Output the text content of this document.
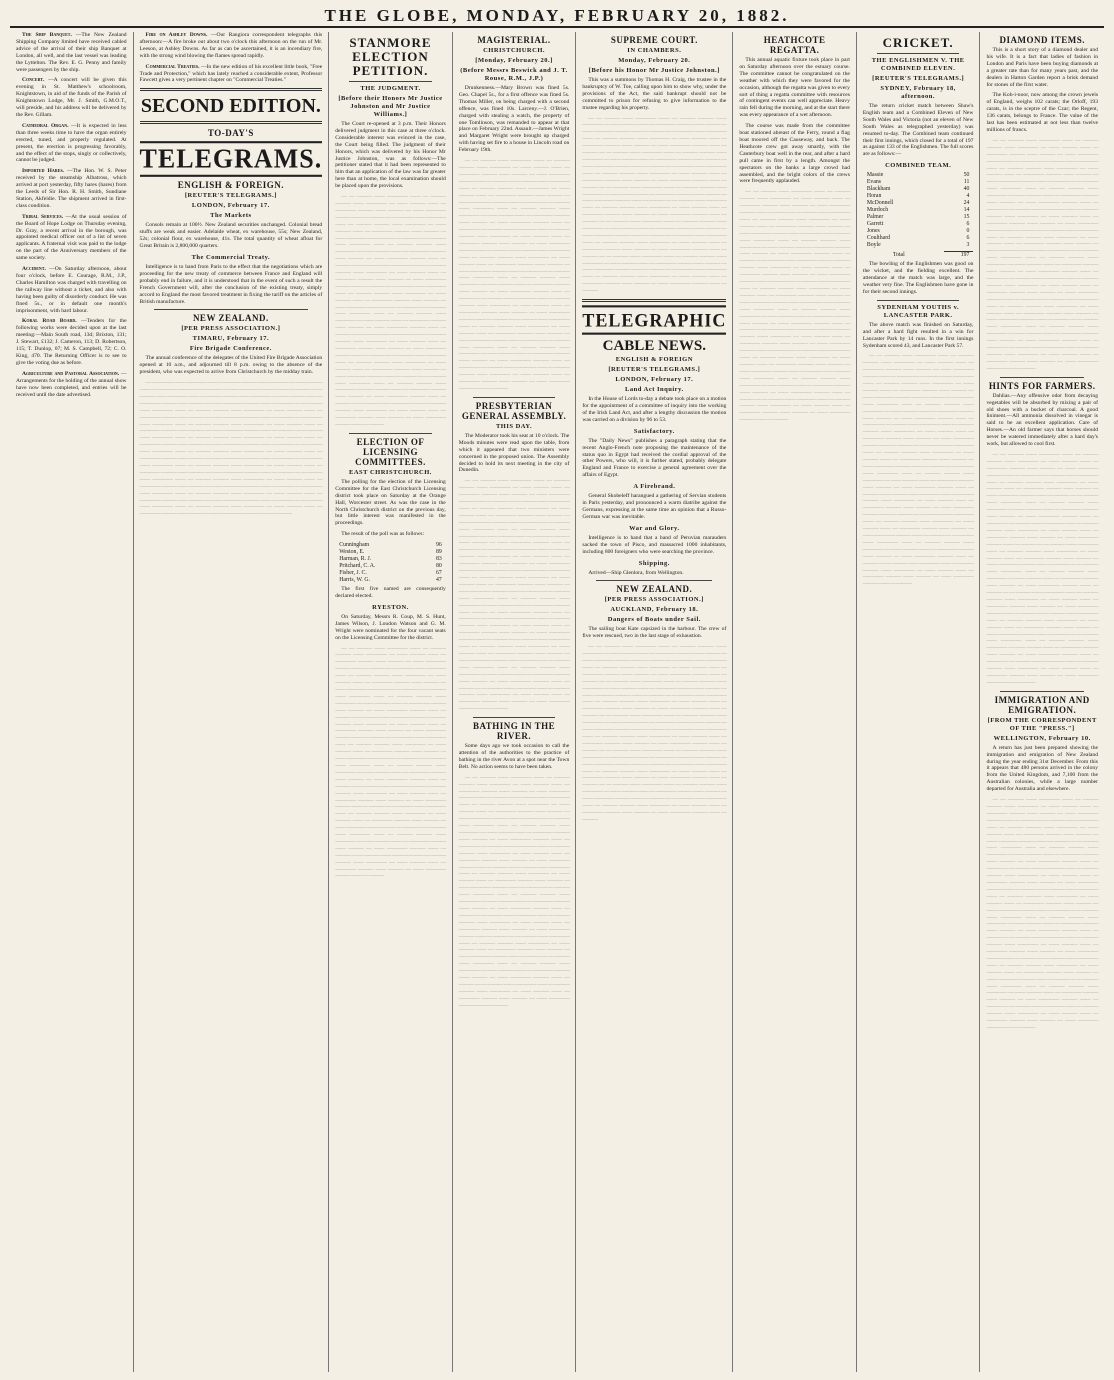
THE GLOBE, MONDAY, FEBRUARY 20, 1882.

The Ship Banquet. —The New Zealand Shipping Company limited have received cabled advice of the arrival of their ship Banquet at London, all well, and the last vessel was leading the Lyttelton. The Rev. E. G. Penny and family were passengers by the ship.

Concert. —A concert will be given this evening in St. Matthew's schoolroom, Knightstown, in aid of the funds of the Parish of Knightstown Lodge, Mr. J. Smith, G.M.O.T., will preside, and his address will be delivered by the Rev. Gillam.

Cathedral Organ. —It is expected in less than three weeks time to have the organ entirely erected, tuned, and properly regulated. At present, the erection is progressing favorably, and the effect of the stops, singly or collectively, cannot be judged.

Imported Hares. —The Hon. W. S. Peter received by the steamship Albatross, which arrived at port yesterday, fifty hares (hares) from the Leeds of Sir Hon. R. H. Smith, Sundiane Station, Akfeldie. The shipment arrived in first-class condition.

Tribal Services. —At the usual session of the Board of Hope Lodge on Thursday evening, Dr. Gray, a recent arrival in the borough, was appointed medical officer out of a list of seven applicants. A fraternal visit was paid to the lodge on the part of the Anniversary members of the same society.

Accident. —On Saturday afternoon, about four o'clock, before E. Courage, R.M., J.P., Charles Hamilton was charged with travelling on the railway line without a ticket, and also with having been guilty of disorderly conduct. He was fined 5s., or in default one month's imprisonment, with hard labour.

Koral Road Board. —Tenders for the following works were decided upon at the last meeting:—Main South road, 13d; Brixton, 131; J. Stewart, £132; J. Cameron, 113; D. Robertson, 115; T. Dunlop, 07; M. S. Campbell, 72; C. O. King, 470. The Returning Officer is to see to give the voting due as before.

Agriculture and Pastoral Association. —Arrangements for the holding of the annual show have now been completed, and entries will be received until the date advertised.

Fire on Ashley Downs. —Our Rangiora correspondent telegraphs this afternoon:—A fire broke out about two o'clock this afternoon on the run of Mr. Leeson, at Ashley Downs. As far as can be ascertained, it is an incendiary fire, with the strong wind blowing the flames spread rapidly.

Commercial Treaties. —In the new edition of his excellent little book, "Free Trade and Protection," which has lately reached a considerable extent, Professor Fawcett gives a very pertinent chapter on "Commercial Treaties."

SECOND EDITION.
TO-DAY'S
TELEGRAMS.
ENGLISH & FOREIGN.
[REUTER'S TELEGRAMS.]
LONDON, February 17.
The Markets

Consols remain at 100½. New Zealand securities unchanged. Colonial bread stuffs are weak and easier. Adelaide wheat, ex warehouse, 55s; New Zealand, 52s; colonial flour, ex warehouse, 41s. The total quantity of wheat afloat for Great Britain is 2,800,000 quarters.

The Commercial Treaty.

Intelligence is to hand from Paris to the effect that the negotiations which are proceeding for the new treaty of commerce between France and England will probably end in failure, and it is understood that in the event of such a result the French Government will, after the conclusion of the existing treaty, simply accord to England the most favored treatment in fixing the tariff on the articles of British manufacture.

NEW ZEALAND.
[PER PRESS ASSOCIATION.]
TIMARU, February 17.
Fire Brigade Conference.

The annual conference of the delegates of the United Fire Brigade Association opened at 10 a.m., and adjourned till 8 p.m. owing to the absence of the president, who was expected to arrive from Christchurch by the midday train.

— — ——— —— ———— —— — ——— ——— —— ———— — —— ——— —— — ———— ——— —— ——— — —— ———— ——— —— — ——— — — ——— —— ———— —— — ——— ——— —— ———— — —— ——— —— — ———— ——— —— ——— — —— ———— ——— —— — ——— — — ——— —— ———— —— — ——— ——— —— ———— — —— ——— —— — ———— ——— —— ——— — —— ———— ——— —— — ——— — — ——— —— ———— —— — ——— ——— —— ———— — —— ——— —— — ———— ——— —— ——— — —— ———— ——— —— — ——— — — ——— —— ———— —— — ——— ——— —— ———— — —— ——— —— — ———— ——— —— ——— — —— ———— ——— —— — ——— — — ——— —— ———— —— — ——— ——— —— ———— — —— ——— —— — ———— ——— —— ——— — —— ———— ——— —— — ——— — — ——— —— ———— —— — ——— ——— —— ———— — —— ——— —— — ———— ——— —— ——— — —— ———— ——— —— — ——— — — ——— —— ———— —— — ——— ——— —— ———— — —— ——— —— — ———— ——— —— ——— — —— ———— ——— —— — ——— — — ——— —— ———— —— — ——— ——— —— ———— — —— ——— —— — ———— ——— —— ——— — —— ———— ——— —— — ——— — — ——— —— ———— —— — ——— ——— —— ———— — —— ——— —— — ———— ——— —— ——— — —— ———— ——— —— — ———

STANMORE ELECTION PETITION.
THE JUDGMENT.
[Before their Honors Mr Justice Johnston and Mr Justice Williams.]

The Court re-opened at 3 p.m. Their Honors delivered judgment in this case at three o'clock. Considerable interest was evinced in the case, the Court being filled. The judgment of their Honors, which was delivered by his Honor Mr Justice Johnston, was as follows:—The petitioner stated that it had been represented to him that an application of the law was far greater here than at home, the local examination should be placed upon the provisions.

— — ——— —— ———— —— — ——— ——— —— ———— — —— ——— —— — ———— ——— —— ——— — —— ———— ——— —— — ——— — — ——— —— ———— —— — ——— ——— —— ———— — —— ——— —— — ———— ——— —— ——— — —— ———— ——— —— — ——— — — ——— —— ———— —— — ——— ——— —— ———— — —— ——— —— — ———— ——— —— ——— — —— ———— ——— —— — ——— — — ——— —— ———— —— — ——— ——— —— ———— — —— ——— —— — ———— ——— —— ——— — —— ———— ——— —— — ——— — — ——— —— ———— —— — ——— ——— —— ———— — —— ——— —— — ———— ——— —— ——— — —— ———— ——— —— — ——— — — ——— —— ———— —— — ——— ——— —— ———— — —— ——— —— — ———— ——— —— ——— — —— ———— ——— —— — ——— — — ——— —— ———— —— — ——— ——— —— ———— — —— ——— —— — ———— ——— —— ——— — —— ———— ——— —— — ——— — — ——— —— ———— —— — ——— ——— —— ———— — —— ——— —— — ———— ——— —— ——— — —— ———— ——— —— — ——— — — ——— —— ———— —— — ——— ——— —— ———— — —— ——— —— — ———— ——— —— ——— — —— ———— ——— —— — ——— — — ——— —— ———— —— — ——— ——— —— ———— — —— ——— —— — ———— ——— —— ——— — —— ———— ——— —— — ———

ELECTION OF LICENSING COMMITTEES.
EAST CHRISTCHURCH.

The polling for the election of the Licensing Committee for the East Christchurch Licensing district took place on Saturday at the Orange Hall, Worcester street. As was the case in the North Christchurch district on the previous day, but little interest was manifested in the proceedings.

The result of the poll was as follows:

Cunningham	96
Weston, E.	89
Harman, R. J.	83
Pritchard, C. A.	80
Fisher, J. C.	67
Harris, W. G.	47

The first five named are consequently declared elected.

RYESTON.

On Saturday, Messrs R. Coup, M. S. Hunt, James Wilson, J. Loudon Watson and G. M. Wright were nominated for the four vacant seats on the Licensing Committee for the district.

— — ——— —— ———— —— — ——— ——— —— ———— — —— ——— —— — ———— ——— —— ——— — —— ———— ——— —— — ——— — — ——— —— ———— —— — ——— ——— —— ———— — —— ——— —— — ———— ——— —— ——— — —— ———— ——— —— — ——— — — ——— —— ———— —— — ——— ——— —— ———— — —— ——— —— — ———— ——— —— ——— — —— ———— ——— —— — ——— — — ——— —— ———— —— — ——— ——— —— ———— — —— ——— —— — ———— ——— —— ——— — —— ———— ——— —— — ——— — — ——— —— ———— —— — ——— ——— —— ———— — —— ——— —— — ———— ——— —— ——— — —— ———— ——— —— — ——— — — ——— —— ———— —— — ——— ——— —— ———— — —— ——— —— — ———— ——— —— ——— — —— ———— ——— —— — ——— — — ——— —— ———— —— — ——— ——— —— ———— — —— ——— —— — ———— ——— —— ——— — —— ———— ——— —— — ——— — — ——— —— ———— —— — ——— ——— —— ———— — —— ——— —— — ———— ——— —— ——— — —— ———— ——— —— — ——— — — ——— —— ———— —— — ——— ——— —— ———— — —— ——— —— — ———— ——— —— ——— — —— ———— ——— —— — ——— — — ——— —— ———— —— — ——— ——— —— ———— — —— ——— —— — ———— ——— —— ——— — —— ———— ——— —— — ———

MAGISTERIAL.
CHRISTCHURCH.
[Monday, February 20.]
(Before Messrs Beswick and J. T. Rouse, R.M., J.P.)

Drunkenness.—Mary Brown was fined 5s. Geo. Chapel 5s., for a first offence was fined 5s. Thomas Miller, on being charged with a second offence, was fined 10s. Larceny.—J. O'Brien, charged with stealing a watch, the property of one Tomlinson, was remanded to appear at that place on February 22nd. Assault.—James Wright and Margaret Wright were brought up charged with having set fire to a house in Lincoln road on February 19th.

— — ——— —— ———— —— — ——— ——— —— ———— — —— ——— —— — ———— ——— —— ——— — —— ———— ——— —— — ——— — — ——— —— ———— —— — ——— ——— —— ———— — —— ——— —— — ———— ——— —— ——— — —— ———— ——— —— — ——— — — ——— —— ———— —— — ——— ——— —— ———— — —— ——— —— — ———— ——— —— ——— — —— ———— ——— —— — ——— — — ——— —— ———— —— — ——— ——— —— ———— — —— ——— —— — ———— ——— —— ——— — —— ———— ——— —— — ——— — — ——— —— ———— —— — ——— ——— —— ———— — —— ——— —— — ———— ——— —— ——— — —— ———— ——— —— — ——— — — ——— —— ———— —— — ——— ——— —— ———— — —— ——— —— — ———— ——— —— ——— — —— ———— ——— —— — ——— — — ——— —— ———— —— — ——— ——— —— ———— — —— ——— —— — ———— ——— —— ——— — —— ———— ——— —— — ——— — — ——— —— ———— —— — ——— ——— —— ———— — —— ——— —— — ———— ——— —— ——— — —— ———— ——— —— — ——— — — ——— —— ———— —— — ——— ——— —— ———— — —— ——— —— — ———— ——— —— ——— — —— ———— ——— —— — ——— — — ——— —— ———— —— — ——— ——— —— ———— — —— ——— —— — ———— ——— —— ——— — —— ———— ——— —— — ———

PRESBYTERIAN GENERAL ASSEMBLY.
THIS DAY.

The Moderator took his seat at 10 o'clock. The Moods minutes were read upon the table, from which it appeared that two ministers were concerned in the proposed union. The Assembly decided to hold its next meeting in the city of Dunedin.

— — ——— —— ———— —— — ——— ——— —— ———— — —— ——— —— — ———— ——— —— ——— — —— ———— ——— —— — ——— — — ——— —— ———— —— — ——— ——— —— ———— — —— ——— —— — ———— ——— —— ——— — —— ———— ——— —— — ——— — — ——— —— ———— —— — ——— ——— —— ———— — —— ——— —— — ———— ——— —— ——— — —— ———— ——— —— — ——— — — ——— —— ———— —— — ——— ——— —— ———— — —— ——— —— — ———— ——— —— ——— — —— ———— ——— —— — ——— — — ——— —— ———— —— — ——— ——— —— ———— — —— ——— —— — ———— ——— —— ——— — —— ———— ——— —— — ——— — — ——— —— ———— —— — ——— ——— —— ———— — —— ——— —— — ———— ——— —— ——— — —— ———— ——— —— — ——— — — ——— —— ———— —— — ——— ——— —— ———— — —— ——— —— — ———— ——— —— ——— — —— ———— ——— —— — ——— — — ——— —— ———— —— — ——— ——— —— ———— — —— ——— —— — ———— ——— —— ——— — —— ———— ——— —— — ——— — — ——— —— ———— —— — ——— ——— —— ———— — —— ——— —— — ———— ——— —— ——— — —— ———— ——— —— — ——— — — ——— —— ———— —— — ——— ——— —— ———— — —— ——— —— — ———— ——— —— ——— — —— ———— ——— —— — ———

BATHING IN THE RIVER.

Some days ago we took occasion to call the attention of the authorities to the practice of bathing in the river Avon at a spot near the Town Belt. No action seems to have been taken.

— — ——— —— ———— —— — ——— ——— —— ———— — —— ——— —— — ———— ——— —— ——— — —— ———— ——— —— — ——— — — ——— —— ———— —— — ——— ——— —— ———— — —— ——— —— — ———— ——— —— ——— — —— ———— ——— —— — ——— — — ——— —— ———— —— — ——— ——— —— ———— — —— ——— —— — ———— ——— —— ——— — —— ———— ——— —— — ——— — — ——— —— ———— —— — ——— ——— —— ———— — —— ——— —— — ———— ——— —— ——— — —— ———— ——— —— — ——— — — ——— —— ———— —— — ——— ——— —— ———— — —— ——— —— — ———— ——— —— ——— — —— ———— ——— —— — ——— — — ——— —— ———— —— — ——— ——— —— ———— — —— ——— —— — ———— ——— —— ——— — —— ———— ——— —— — ——— — — ——— —— ———— —— — ——— ——— —— ———— — —— ——— —— — ———— ——— —— ——— — —— ———— ——— —— — ——— — — ——— —— ———— —— — ——— ——— —— ———— — —— ——— —— — ———— ——— —— ——— — —— ———— ——— —— — ——— — — ——— —— ———— —— — ——— ——— —— ———— — —— ——— —— — ———— ——— —— ——— — —— ———— ——— —— — ——— — — ——— —— ———— —— — ——— ——— —— ———— — —— ——— —— — ———— ——— —— ——— — —— ———— ——— —— — ———

SUPREME COURT.
IN CHAMBERS.
Monday, February 20.
[Before his Honor Mr Justice Johnston.]

This was a summons by Thomas H. Craig, the trustee in the bankruptcy of W. Toe, calling upon him to show why, under the provisions of the Act, the said bankrupt should not be committed to prison for refusing to give information to the trustee regarding his property.

— — ——— —— ———— —— — ——— ——— —— ———— — —— ——— —— — ———— ——— —— ——— — —— ———— ——— —— — ——— — — ——— —— ———— —— — ——— ——— —— ———— — —— ——— —— — ———— ——— —— ——— — —— ———— ——— —— — ——— — — ——— —— ———— —— — ——— ——— —— ———— — —— ——— —— — ———— ——— —— ——— — —— ———— ——— —— — ——— — — ——— —— ———— —— — ——— ——— —— ———— — —— ——— —— — ———— ——— —— ——— — —— ———— ——— —— — ——— — — ——— —— ———— —— — ——— ——— —— ———— — —— ——— —— — ———— ——— —— ——— — —— ———— ——— —— — ——— — — ——— —— ———— —— — ——— ——— —— ———— — —— ——— —— — ———— ——— —— ——— — —— ———— ——— —— — ——— — — ——— —— ———— —— — ——— ——— —— ———— — —— ——— —— — ———— ——— —— ——— — —— ———— ——— —— — ——— — — ——— —— ———— —— — ——— ——— —— ———— — —— ——— —— — ———— ——— —— ——— — —— ———— ——— —— — ——— — — ——— —— ———— —— — ——— ——— —— ———— — —— ——— —— — ———— ——— —— ——— — —— ———— ——— —— — ——— — — ——— —— ———— —— — ——— ——— —— ———— — —— ——— —— — ———— ——— —— ——— — —— ———— ——— —— — ———

TELEGRAPHIC
CABLE NEWS.
ENGLISH & FOREIGN
[REUTER'S TELEGRAMS.]
LONDON, February 17.
Land Act Inquiry.

In the House of Lords to-day a debate took place on a motion for the appointment of a committee of inquiry into the working of the Irish Land Act, and after a lengthy discussion the motion was carried on a division by 96 to 53.

Satisfactory.

The "Daily News" publishes a paragraph stating that the recent Anglo-French note proposing the maintenance of the status quo in Egypt had received the cordial approval of the other Powers, who will, it is further stated, probably delegate England and France to exercise a general agreement over the affairs of Egypt.

A Firebrand.

General Skobeleff harangued a gathering of Servian students in Paris yesterday, and pronounced a warm diatribe against the Germans, expressing at the same time an opinion that a Russo-German war was inevitable.

War and Glory.

Intelligence is to hand that a band of Peruvian marauders sacked the town of Pisco, and massacred 1000 inhabitants, including 800 foreigners who were searching the province.

Shipping.

Arrived—Ship Glenlora, from Wellington.

NEW ZEALAND.
[PER PRESS ASSOCIATION.]
AUCKLAND, February 18.
Dangers of Boats under Sail.

The sailing boat Kate capsized in the harbour. The crew of five were rescued, two in the last stage of exhaustion.

— — ——— —— ———— —— — ——— ——— —— ———— — —— ——— —— — ———— ——— —— ——— — —— ———— ——— —— — ——— — — ——— —— ———— —— — ——— ——— —— ———— — —— ——— —— — ———— ——— —— ——— — —— ———— ——— —— — ——— — — ——— —— ———— —— — ——— ——— —— ———— — —— ——— —— — ———— ——— —— ——— — —— ———— ——— —— — ——— — — ——— —— ———— —— — ——— ——— —— ———— — —— ——— —— — ———— ——— —— ——— — —— ———— ——— —— — ——— — — ——— —— ———— —— — ——— ——— —— ———— — —— ——— —— — ———— ——— —— ——— — —— ———— ——— —— — ——— — — ——— —— ———— —— — ——— ——— —— ———— — —— ——— —— — ———— ——— —— ——— — —— ———— ——— —— — ——— — — ——— —— ———— —— — ——— ——— —— ———— — —— ——— —— — ———— ——— —— ——— — —— ———— ——— —— — ——— — — ——— —— ———— —— — ——— ——— —— ———— — —— ——— —— — ———— ——— —— ——— — —— ———— ——— —— — ——— — — ——— —— ———— —— — ——— ——— —— ———— — —— ——— —— — ———— ——— —— ——— — —— ———— ——— —— — ——— — — ——— —— ———— —— — ——— ——— —— ———— — —— ——— —— — ———— ——— —— ——— — —— ———— ——— —— — ———

HEATHCOTE REGATTA.

This annual aquatic fixture took place in part on Saturday afternoon over the estuary course. The committee cannot be congratulated on the weather with which they were favored for the occasion, although the regatta was given to every sort of thing a regatta committee with resources of contingent events can well appreciate. Heavy rain fell during the morning, and at the start there was every appearance of a wet afternoon.

The course was made from the committee boat stationed abreast of the Ferry, round a flag boat moored off the Causeway, and back. The Heathcote crew got away smartly, with the Canterbury boat well in the rear, and after a hard pull came in first by a length. Amongst the spectators on the banks a large crowd had assembled, and the bright colors of the crews were frequently applauded.

— — ——— —— ———— —— — ——— ——— —— ———— — —— ——— —— — ———— ——— —— ——— — —— ———— ——— —— — ——— — — ——— —— ———— —— — ——— ——— —— ———— — —— ——— —— — ———— ——— —— ——— — —— ———— ——— —— — ——— — — ——— —— ———— —— — ——— ——— —— ———— — —— ——— —— — ———— ——— —— ——— — —— ———— ——— —— — ——— — — ——— —— ———— —— — ——— ——— —— ———— — —— ——— —— — ———— ——— —— ——— — —— ———— ——— —— — ——— — — ——— —— ———— —— — ——— ——— —— ———— — —— ——— —— — ———— ——— —— ——— — —— ———— ——— —— — ——— — — ——— —— ———— —— — ——— ——— —— ———— — —— ——— —— — ———— ——— —— ——— — —— ———— ——— —— — ——— — — ——— —— ———— —— — ——— ——— —— ———— — —— ——— —— — ———— ——— —— ——— — —— ———— ——— —— — ——— — — ——— —— ———— —— — ——— ——— —— ———— — —— ——— —— — ———— ——— —— ——— — —— ———— ——— —— — ——— — — ——— —— ———— —— — ——— ——— —— ———— — —— ——— —— — ———— ——— —— ——— — —— ———— ——— —— — ——— — — ——— —— ———— —— — ——— ——— —— ———— — —— ——— —— — ———— ——— —— ——— — —— ———— ——— —— — ———

CRICKET.
THE ENGLISHMEN V. THE COMBINED ELEVEN.
[REUTER'S TELEGRAMS.]
SYDNEY, February 18, afternoon.

The return cricket match between Shaw's English team and a Combined Eleven of New South Wales and Victoria (not an eleven of New South Wales as telegraphed yesterday) was resumed to-day. The Combined team continued their first innings, which closed for a total of 197 as against 133 of the Englishmen. The full scores are as follows:—

COMBINED TEAM.
Massie	50
Evans	11
Blackham	40
Horan	4
McDonnell	24
Murdoch	14
Palmer	15
Garrett	6
Jones	0
Coulthard	6
Boyle	3
Total	197

The bowling of the Englishmen was good on the wicket, and the fielding excellent. The attendance at the match was large, and the weather very fine. The Englishmen have gone in for their second innings.

SYDENHAM YOUTHS v. LANCASTER PARK.

The above match was finished on Saturday, and after a hard fight resulted in a win for Lancaster Park by 14 runs. In the first innings Sydenham scored 43, and Lancaster Park 57.

— — ——— —— ———— —— — ——— ——— —— ———— — —— ——— —— — ———— ——— —— ——— — —— ———— ——— —— — ——— — — ——— —— ———— —— — ——— ——— —— ———— — —— ——— —— — ———— ——— —— ——— — —— ———— ——— —— — ——— — — ——— —— ———— —— — ——— ——— —— ———— — —— ——— —— — ———— ——— —— ——— — —— ———— ——— —— — ——— — — ——— —— ———— —— — ——— ——— —— ———— — —— ——— —— — ———— ——— —— ——— — —— ———— ——— —— — ——— — — ——— —— ———— —— — ——— ——— —— ———— — —— ——— —— — ———— ——— —— ——— — —— ———— ——— —— — ——— — — ——— —— ———— —— — ——— ——— —— ———— — —— ——— —— — ———— ——— —— ——— — —— ———— ——— —— — ——— — — ——— —— ———— —— — ——— ——— —— ———— — —— ——— —— — ———— ——— —— ——— — —— ———— ——— —— — ——— — — ——— —— ———— —— — ——— ——— —— ———— — —— ——— —— — ———— ——— —— ——— — —— ———— ——— —— — ——— — — ——— —— ———— —— — ——— ——— —— ———— — —— ——— —— — ———— ——— —— ——— — —— ———— ——— —— — ——— — — ——— —— ———— —— — ——— ——— —— ———— — —— ——— —— — ———— ——— —— ——— — —— ———— ——— —— — ———

DIAMOND ITEMS.

This is a short story of a diamond dealer and his wife. It is a fact that ladies of fashion in London and Paris have been buying diamonds at a greater rate than for many years past, and the dealers in Hatton Garden report a brisk demand for stones of the first water.

The Koh-i-noor, now among the crown jewels of England, weighs 102 carats; the Orloff, 193 carats, is in the sceptre of the Czar; the Regent, 136 carats, belongs to France. The value of the last has been estimated at not less than twelve millions of francs.

— — ——— —— ———— —— — ——— ——— —— ———— — —— ——— —— — ———— ——— —— ——— — —— ———— ——— —— — ——— — — ——— —— ———— —— — ——— ——— —— ———— — —— ——— —— — ———— ——— —— ——— — —— ———— ——— —— — ——— — — ——— —— ———— —— — ——— ——— —— ———— — —— ——— —— — ———— ——— —— ——— — —— ———— ——— —— — ——— — — ——— —— ———— —— — ——— ——— —— ———— — —— ——— —— — ———— ——— —— ——— — —— ———— ——— —— — ——— — — ——— —— ———— —— — ——— ——— —— ———— — —— ——— —— — ———— ——— —— ——— — —— ———— ——— —— — ——— — — ——— —— ———— —— — ——— ——— —— ———— — —— ——— —— — ———— ——— —— ——— — —— ———— ——— —— — ——— — — ——— —— ———— —— — ——— ——— —— ———— — —— ——— —— — ———— ——— —— ——— — —— ———— ——— —— — ——— — — ——— —— ———— —— — ——— ——— —— ———— — —— ——— —— — ———— ——— —— ——— — —— ———— ——— —— — ——— — — ——— —— ———— —— — ——— ——— —— ———— — —— ——— —— — ———— ——— —— ——— — —— ———— ——— —— — ——— — — ——— —— ———— —— — ——— ——— —— ———— — —— ——— —— — ———— ——— —— ——— — —— ———— ——— —— — ———

HINTS FOR FARMERS.

Dahlias.—Any offensive odor from decaying vegetables will be absorbed by mixing a pair of old shoes with a bucket of charcoal. A good liniment.—All ammonia dissolved in vinegar is said to be an excellent application. Care of Horses.—An old farmer says that horses should never be watered immediately after a hard day's work, but allowed to cool first.

— — ——— —— ———— —— — ——— ——— —— ———— — —— ——— —— — ———— ——— —— ——— — —— ———— ——— —— — ——— — — ——— —— ———— —— — ——— ——— —— ———— — —— ——— —— — ———— ——— —— ——— — —— ———— ——— —— — ——— — — ——— —— ———— —— — ——— ——— —— ———— — —— ——— —— — ———— ——— —— ——— — —— ———— ——— —— — ——— — — ——— —— ———— —— — ——— ——— —— ———— — —— ——— —— — ———— ——— —— ——— — —— ———— ——— —— — ——— — — ——— —— ———— —— — ——— ——— —— ———— — —— ——— —— — ———— ——— —— ——— — —— ———— ——— —— — ——— — — ——— —— ———— —— — ——— ——— —— ———— — —— ——— —— — ———— ——— —— ——— — —— ———— ——— —— — ——— — — ——— —— ———— —— — ——— ——— —— ———— — —— ——— —— — ———— ——— —— ——— — —— ———— ——— —— — ——— — — ——— —— ———— —— — ——— ——— —— ———— — —— ——— —— — ———— ——— —— ——— — —— ———— ——— —— — ——— — — ——— —— ———— —— — ——— ——— —— ———— — —— ——— —— — ———— ——— —— ——— — —— ———— ——— —— — ——— — — ——— —— ———— —— — ——— ——— —— ———— — —— ——— —— — ———— ——— —— ——— — —— ———— ——— —— — ———

IMMIGRATION AND EMIGRATION.
[FROM THE CORRESPONDENT OF THE "PRESS."]
WELLINGTON, February 10.

A return has just been prepared showing the immigration and emigration of New Zealand during the year ending 31st December. From this it appears that 480 persons arrived in the colony from the United Kingdom, and 7,100 from the Australian colonies, while a large number departed for Australia and elsewhere.

— — ——— —— ———— —— — ——— ——— —— ———— — —— ——— —— — ———— ——— —— ——— — —— ———— ——— —— — ——— — — ——— —— ———— —— — ——— ——— —— ———— — —— ——— —— — ———— ——— —— ——— — —— ———— ——— —— — ——— — — ——— —— ———— —— — ——— ——— —— ———— — —— ——— —— — ———— ——— —— ——— — —— ———— ——— —— — ——— — — ——— —— ———— —— — ——— ——— —— ———— — —— ——— —— — ———— ——— —— ——— — —— ———— ——— —— — ——— — — ——— —— ———— —— — ——— ——— —— ———— — —— ——— —— — ———— ——— —— ——— — —— ———— ——— —— — ——— — — ——— —— ———— —— — ——— ——— —— ———— — —— ——— —— — ———— ——— —— ——— — —— ———— ——— —— — ——— — — ——— —— ———— —— — ——— ——— —— ———— — —— ——— —— — ———— ——— —— ——— — —— ———— ——— —— — ——— — — ——— —— ———— —— — ——— ——— —— ———— — —— ——— —— — ———— ——— —— ——— — —— ———— ——— —— — ——— — — ——— —— ———— —— — ——— ——— —— ———— — —— ——— —— — ———— ——— —— ——— — —— ———— ——— —— — ——— — — ——— —— ———— —— — ——— ——— —— ———— — —— ——— —— — ———— ——— —— ——— — —— ———— ——— —— — ———
